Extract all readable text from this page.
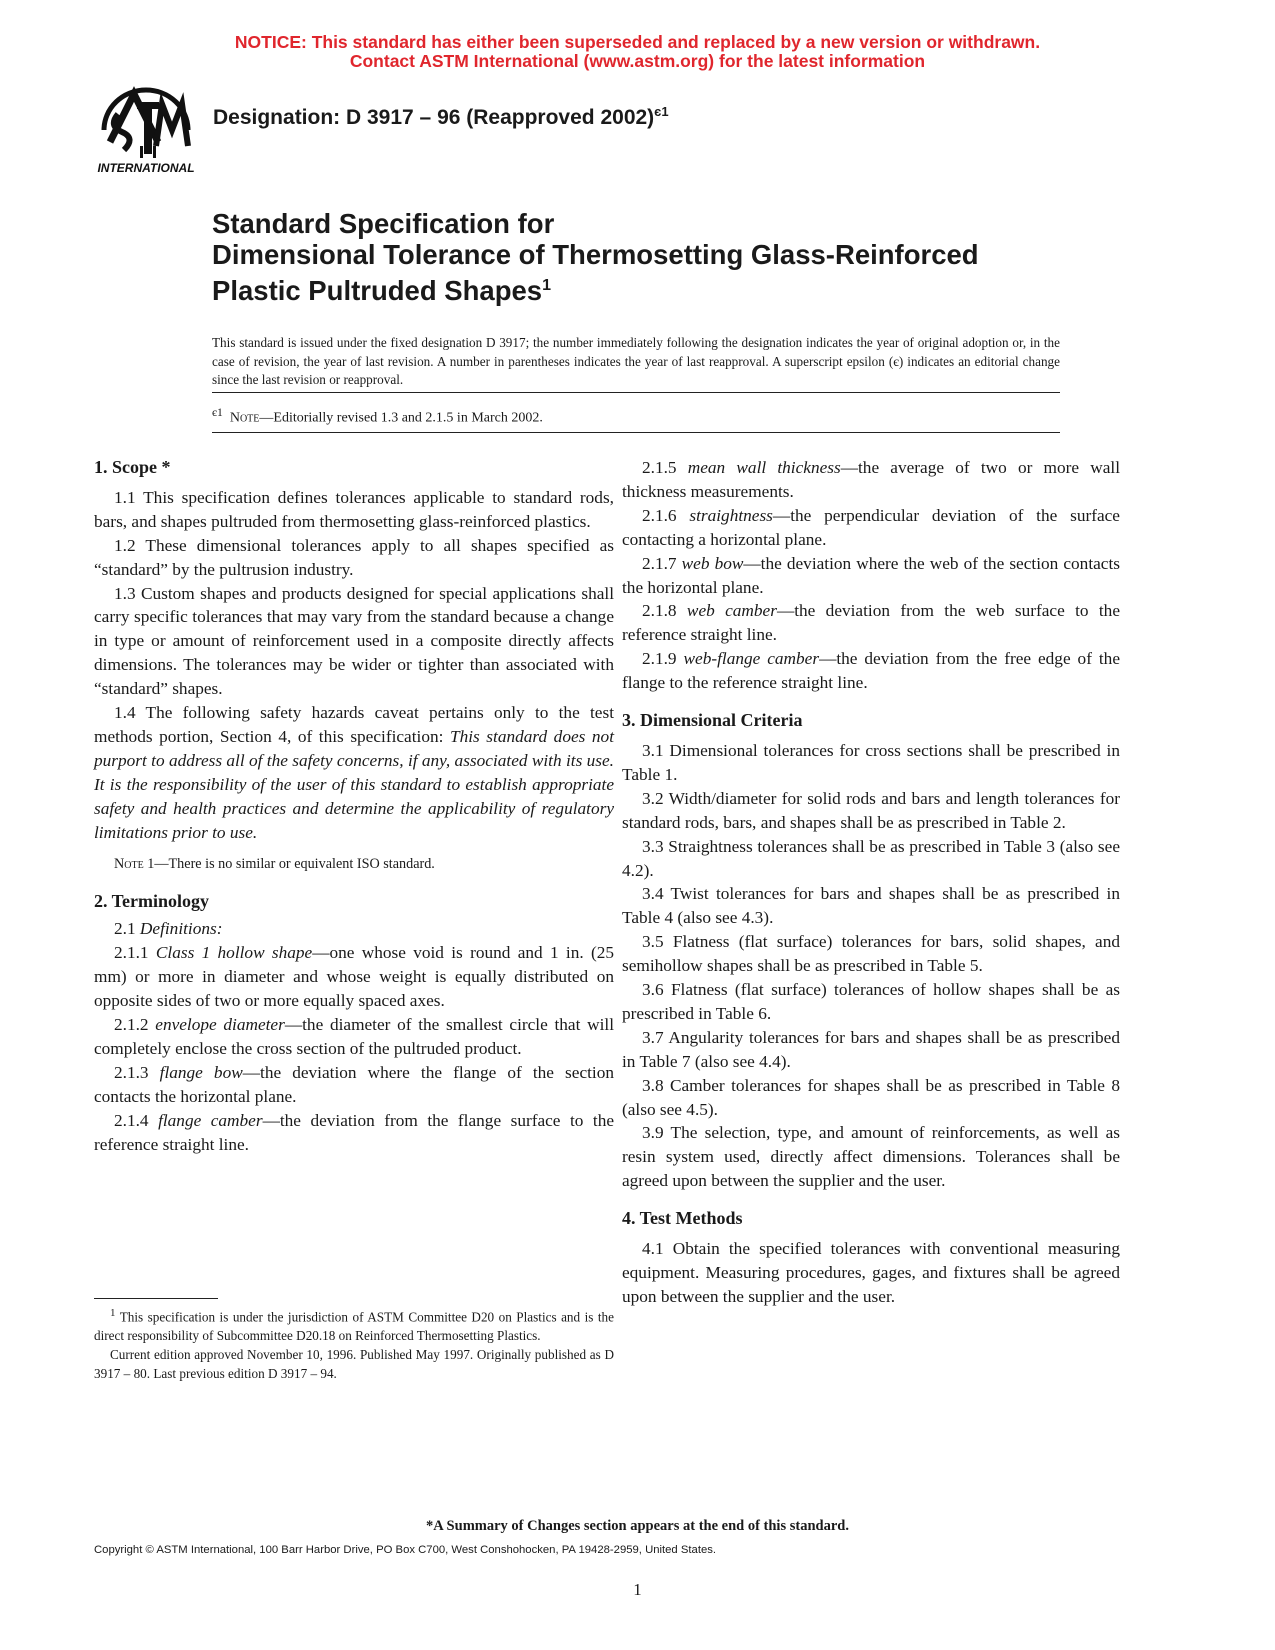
NOTICE: This standard has either been superseded and replaced by a new version or withdrawn.
Contact ASTM International (www.astm.org) for the latest information
INTERNATIONAL
Designation: D 3917 – 96 (Reapproved 2002)$^{є1}$
Standard Specification for
Dimensional Tolerance of Thermosetting Glass-Reinforced
Plastic Pultruded Shapes$^1$
This standard is issued under the fixed designation D 3917; the number immediately following the designation indicates the year of original adoption or, in the case of revision, the year of last revision. A number in parentheses indicates the year of last reapproval. A superscript epsilon (є) indicates an editorial change since the last revision or reapproval.
$^{є1}$ Note—Editorially revised 1.3 and 2.1.5 in March 2002.
1. Scope *

1.1 This specification defines tolerances applicable to standard rods, bars, and shapes pultruded from thermosetting glass-reinforced plastics.

1.2 These dimensional tolerances apply to all shapes specified as “standard” by the pultrusion industry.

1.3 Custom shapes and products designed for special applications shall carry specific tolerances that may vary from the standard because a change in type or amount of reinforcement used in a composite directly affects dimensions. The tolerances may be wider or tighter than associated with “standard” shapes.

1.4 The following safety hazards caveat pertains only to the test methods portion, Section 4, of this specification: This standard does not purport to address all of the safety concerns, if any, associated with its use. It is the responsibility of the user of this standard to establish appropriate safety and health practices and determine the applicability of regulatory limitations prior to use.

Note 1—There is no similar or equivalent ISO standard.

2. Terminology

2.1 Definitions:

2.1.1 Class 1 hollow shape—one whose void is round and 1 in. (25 mm) or more in diameter and whose weight is equally distributed on opposite sides of two or more equally spaced axes.

2.1.2 envelope diameter—the diameter of the smallest circle that will completely enclose the cross section of the pultruded product.

2.1.3 flange bow—the deviation where the flange of the section contacts the horizontal plane.

2.1.4 flange camber—the deviation from the flange surface to the reference straight line.

$^1$ This specification is under the jurisdiction of ASTM Committee D20 on Plastics and is the direct responsibility of Subcommittee D20.18 on Reinforced Thermosetting Plastics.

Current edition approved November 10, 1996. Published May 1997. Originally published as D 3917 – 80. Last previous edition D 3917 – 94.

2.1.5 mean wall thickness—the average of two or more wall thickness measurements.

2.1.6 straightness—the perpendicular deviation of the surface contacting a horizontal plane.

2.1.7 web bow—the deviation where the web of the section contacts the horizontal plane.

2.1.8 web camber—the deviation from the web surface to the reference straight line.

2.1.9 web-flange camber—the deviation from the free edge of the flange to the reference straight line.

3. Dimensional Criteria

3.1 Dimensional tolerances for cross sections shall be prescribed in Table 1.

3.2 Width/diameter for solid rods and bars and length tolerances for standard rods, bars, and shapes shall be as prescribed in Table 2.

3.3 Straightness tolerances shall be as prescribed in Table 3 (also see 4.2).

3.4 Twist tolerances for bars and shapes shall be as prescribed in Table 4 (also see 4.3).

3.5 Flatness (flat surface) tolerances for bars, solid shapes, and semihollow shapes shall be as prescribed in Table 5.

3.6 Flatness (flat surface) tolerances of hollow shapes shall be as prescribed in Table 6.

3.7 Angularity tolerances for bars and shapes shall be as prescribed in Table 7 (also see 4.4).

3.8 Camber tolerances for shapes shall be as prescribed in Table 8 (also see 4.5).

3.9 The selection, type, and amount of reinforcements, as well as resin system used, directly affect dimensions. Tolerances shall be agreed upon between the supplier and the user.

4. Test Methods

4.1 Obtain the specified tolerances with conventional measuring equipment. Measuring procedures, gages, and fixtures shall be agreed upon between the supplier and the user.

*A Summary of Changes section appears at the end of this standard.
Copyright © ASTM International, 100 Barr Harbor Drive, PO Box C700, West Conshohocken, PA 19428-2959, United States.
1
